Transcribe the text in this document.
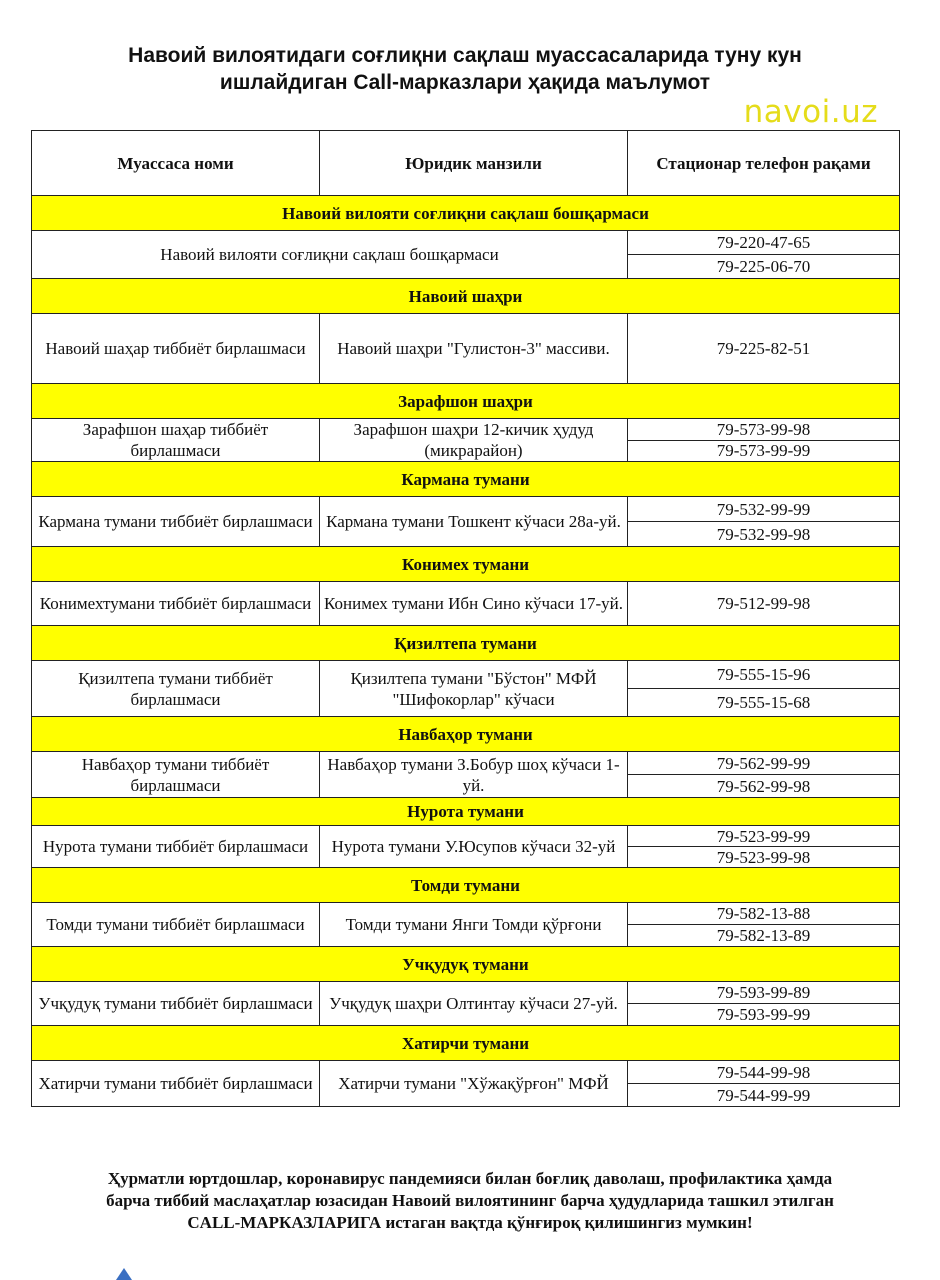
Навоий вилоятидаги соғлиқни сақлаш муассасаларида туну кун
ишлайдиган Call-марказлари ҳақида маълумот
navoi.uz
Муассаса номи	Юридик манзили	Стационар телефон рақами
Навоий вилояти соғлиқни сақлаш бошқармаси		
Навоий вилояти соғлиқни сақлаш бошқармаси		79-220-47-65
		79-225-06-70
Навоий шаҳри		
Навоий шаҳар тиббиёт бирлашмаси	Навоий шаҳри "Гулистон-3" массиви.	79-225-82-51
Зарафшон шаҳри		
Зарафшон шаҳар тиббиёт бирлашмаси	Зарафшон шаҳри 12-кичик ҳудуд (микрарайон)	79-573-99-98
		79-573-99-99
Кармана тумани		
Кармана тумани тиббиёт бирлашмаси	Кармана тумани Тошкент кўчаси 28а-уй.	79-532-99-99
		79-532-99-98
Конимех тумани		
Конимехтумани тиббиёт бирлашмаси	Конимех тумани Ибн Сино кўчаси 17-уй.	79-512-99-98
Қизилтепа тумани		
Қизилтепа тумани тиббиёт бирлашмаси	Қизилтепа тумани "Бўстон" МФЙ "Шифокорлар" кўчаси	79-555-15-96
		79-555-15-68
Навбаҳор тумани		
Навбаҳор тумани тиббиёт бирлашмаси	Навбаҳор тумани З.Бобур шоҳ кўчаси 1-уй.	79-562-99-99
		79-562-99-98
Нурота тумани		
Нурота тумани тиббиёт бирлашмаси	Нурота тумани У.Юсупов кўчаси 32-уй	79-523-99-99
		79-523-99-98
Томди тумани		
Томди тумани тиббиёт бирлашмаси	Томди тумани Янги Томди қўрғони	79-582-13-88
		79-582-13-89
Учқудуқ тумани		
Учқудуқ тумани тиббиёт бирлашмаси	Учқудуқ шаҳри Олтинтау кўчаси 27-уй.	79-593-99-89
		79-593-99-99
Хатирчи тумани		
Хатирчи тумани тиббиёт бирлашмаси	Хатирчи тумани "Хўжақўрғон" МФЙ	79-544-99-98
		79-544-99-99
Ҳурматли юртдошлар, коронавирус пандемияси билан боғлиқ даволаш, профилактика ҳамда
барча тиббий маслаҳатлар юзасидан Навоий вилоятининг барча ҳудудларида ташкил этилган
CALL-МАРКАЗЛАРИГА истаган вақтда қўнғироқ қилишингиз мумкин!
